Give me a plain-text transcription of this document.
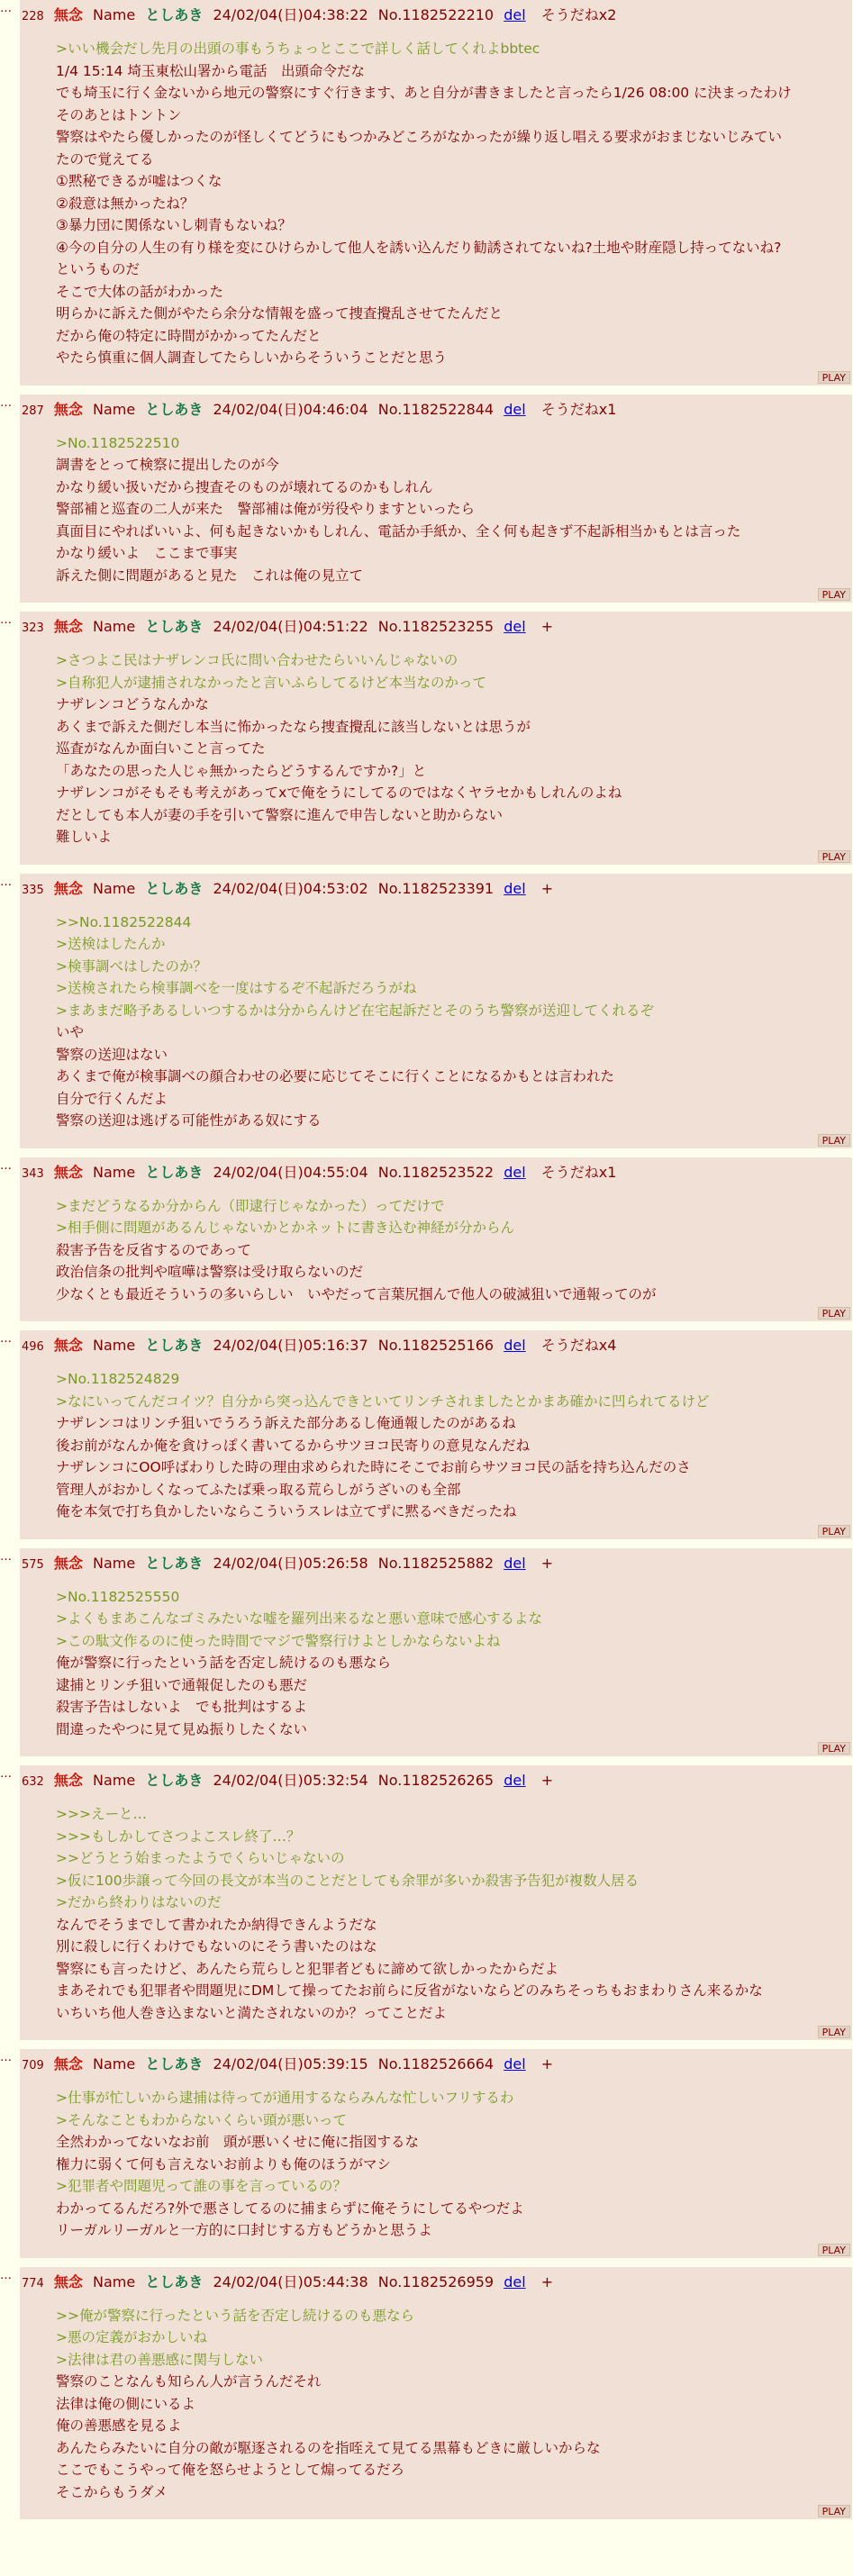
…
228 無念 Name としあき 24/02/04(日)04:38:22 No.1182522210 del そうだねx2
>いい機会だし先月の出頭の事もうちょっとここで詳しく話してくれよbbtec
1/4 15:14 埼玉東松山署から電話　出頭命令だな
でも埼玉に行く金ないから地元の警察にすぐ行きます、あと自分が書きましたと言ったら1/26 08:00 に決まったわけ
そのあとはトントン
警察はやたら優しかったのが怪しくてどうにもつかみどころがなかったが繰り返し唱える要求がおまじないじみていたので覚えてる
①黙秘できるが嘘はつくな
②殺意は無かったね？
③暴力団に関係ないし刺青もないね？
④今の自分の人生の有り様を変にひけらかして他人を誘い込んだり勧誘されてないね?土地や財産隠し持ってないね?
というものだ
そこで大体の話がわかった
明らかに訴えた側がやたら余分な情報を盛って捜査攪乱させてたんだと
だから俺の特定に時間がかかってたんだと
やたら慎重に個人調査してたらしいからそういうことだと思う
PLAY
…
287 無念 Name としあき 24/02/04(日)04:46:04 No.1182522844 del そうだねx1
>No.1182522510
調書をとって検察に提出したのが今
かなり緩い扱いだから捜査そのものが壊れてるのかもしれん
警部補と巡査の二人が来た　警部補は俺が労役やりますといったら
真面目にやればいいよ、何も起きないかもしれん、電話か手紙か、全く何も起きず不起訴相当かもとは言った
かなり緩いよ　ここまで事実
訴えた側に問題があると見た　これは俺の見立て
PLAY
…
323 無念 Name としあき 24/02/04(日)04:51:22 No.1182523255 del +
>さつよこ民はナザレンコ氏に問い合わせたらいいんじゃないの
>自称犯人が逮捕されなかったと言いふらしてるけど本当なのかって
ナザレンコどうなんかな
あくまで訴えた側だし本当に怖かったなら捜査攪乱に該当しないとは思うが
巡査がなんか面白いこと言ってた
「あなたの思った人じゃ無かったらどうするんですか?」と
ナザレンコがそもそも考えがあってxで俺をうにしてるのではなくヤラセかもしれんのよね
だとしても本人が妻の手を引いて警察に進んで申告しないと助からない
難しいよ
PLAY
…
335 無念 Name としあき 24/02/04(日)04:53:02 No.1182523391 del +
>>No.1182522844
>送検はしたんか
>検事調べはしたのか？
>送検されたら検事調べを一度はするぞ不起訴だろうがね
>まあまだ略予あるしいつするかは分からんけど在宅起訴だとそのうち警察が送迎してくれるぞ
いや
警察の送迎はない
あくまで俺が検事調べの顔合わせの必要に応じてそこに行くことになるかもとは言われた
自分で行くんだよ
警察の送迎は逃げる可能性がある奴にする
PLAY
…
343 無念 Name としあき 24/02/04(日)04:55:04 No.1182523522 del そうだねx1
>まだどうなるか分からん（即逮行じゃなかった）ってだけで
>相手側に問題があるんじゃないかとかネットに書き込む神経が分からん
殺害予告を反省するのであって
政治信条の批判や喧嘩は警察は受け取らないのだ
少なくとも最近そういうの多いらしい　いやだって言葉尻掴んで他人の破滅狙いで通報ってのが
PLAY
…
496 無念 Name としあき 24/02/04(日)05:16:37 No.1182525166 del そうだねx4
>No.1182524829
>なにいってんだコイツ？自分から突っ込んできといてリンチされましたとかまあ確かに凹られてるけど
ナザレンコはリンチ狙いでうろう訴えた部分あるし俺通報したのがあるね
後お前がなんか俺を貪けっぽく書いてるからサツヨコ民寄りの意見なんだね
ナザレンコにOO呼ばわりした時の理由求められた時にそこでお前らサツヨコ民の話を持ち込んだのさ
管理人がおかしくなってふたば乗っ取る荒らしがうざいのも全部
俺を本気で打ち負かしたいならこういうスレは立てずに黙るべきだったね
PLAY
…
575 無念 Name としあき 24/02/04(日)05:26:58 No.1182525882 del +
>No.1182525550
>よくもまあこんなゴミみたいな嘘を羅列出来るなと悪い意味で感心するよな
>この駄文作るのに使った時間でマジで警察行けよとしかならないよね
俺が警察に行ったという話を否定し続けるのも悪なら
逮捕とリンチ狙いで通報促したのも悪だ
殺害予告はしないよ　でも批判はするよ
間違ったやつに見て見ぬ振りしたくない
PLAY
…
632 無念 Name としあき 24/02/04(日)05:32:54 No.1182526265 del +
>>>えーと…
>>>もしかしてさつよこスレ終了…？
>>どうとう始まったようでくらいじゃないの
>仮に100歩譲って今回の長文が本当のことだとしても余罪が多いか殺害予告犯が複数人居る
>だから終わりはないのだ
なんでそうまでして書かれたか納得できんようだな
別に殺しに行くわけでもないのにそう書いたのはな
警察にも言ったけど、あんたら荒らしと犯罪者どもに諦めて欲しかったからだよ
まあそれでも犯罪者や問題児にDMして操ってたお前らに反省がないならどのみちそっちもおまわりさん来るかな
いちいち他人巻き込まないと満たされないのか？ってことだよ
PLAY
…
709 無念 Name としあき 24/02/04(日)05:39:15 No.1182526664 del +
>仕事が忙しいから逮捕は待ってが通用するならみんな忙しいフリするわ
>そんなこともわからないくらい頭が悪いって
全然わかってないなお前　頭が悪いくせに俺に指図するな
権力に弱くて何も言えないお前よりも俺のほうがマシ
>犯罪者や問題児って誰の事を言っているの？
わかってるんだろ?外で悪さしてるのに捕まらずに俺そうにしてるやつだよ
リーガルリーガルと一方的に口封じする方もどうかと思うよ
PLAY
…
774 無念 Name としあき 24/02/04(日)05:44:38 No.1182526959 del +
>>俺が警察に行ったという話を否定し続けるのも悪なら
>悪の定義がおかしいね
>法律は君の善悪感に関与しない
警察のことなんも知らん人が言うんだそれ
法律は俺の側にいるよ
俺の善悪感を見るよ
あんたらみたいに自分の敵が駆逐されるのを指咥えて見てる黒幕もどきに厳しいからな
ここでもこうやって俺を怒らせようとして煽ってるだろ
そこからもうダメ
PLAY
